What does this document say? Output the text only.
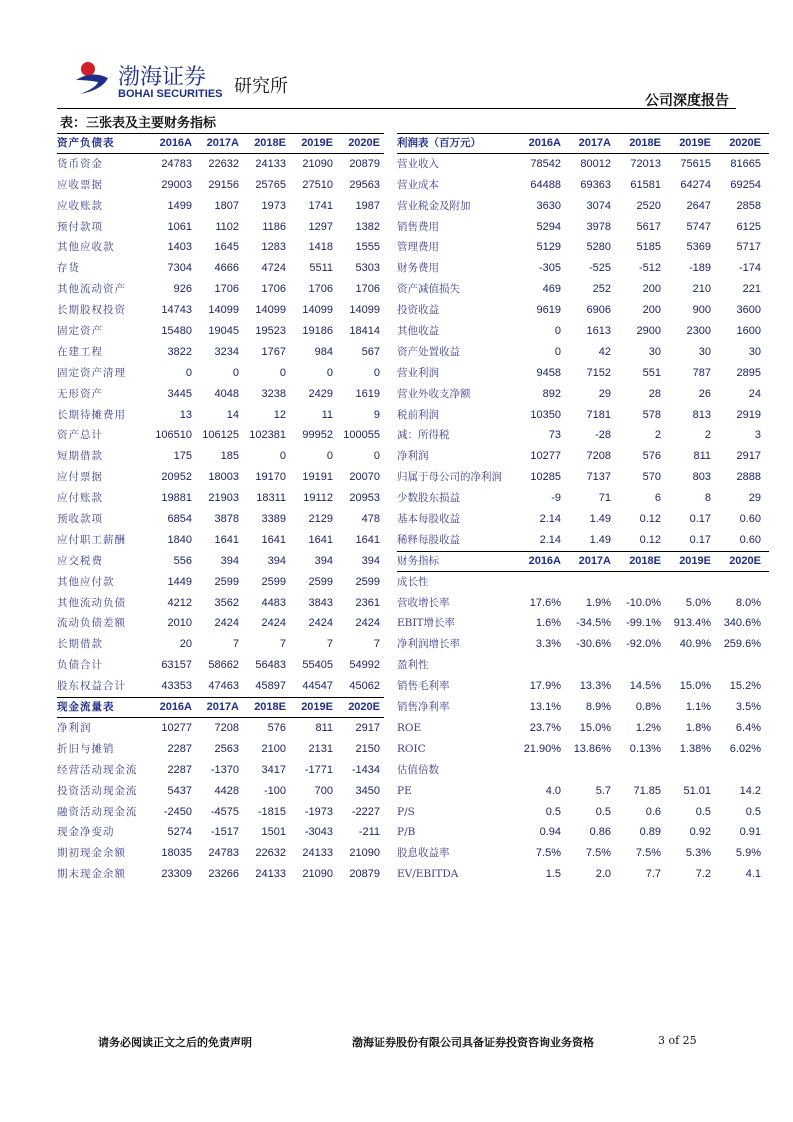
渤海证券
BOHAI SECURITIES 研究所
公司深度报告
表：三张表及主要财务指标
资产负债表	2016A	2017A	2018E	2019E	2020E
货币资金	24783	22632	24133	21090	20879
应收票据	29003	29156	25765	27510	29563
应收账款	1499	1807	1973	1741	1987
预付款项	1061	1102	1186	1297	1382
其他应收款	1403	1645	1283	1418	1555
存货	7304	4666	4724	5511	5303
其他流动资产	926	1706	1706	1706	1706
长期股权投资	14743	14099	14099	14099	14099
固定资产	15480	19045	19523	19186	18414
在建工程	3822	3234	1767	984	567
固定资产清理	0	0	0	0	0
无形资产	3445	4048	3238	2429	1619
长期待摊费用	13	14	12	11	9
资产总计	106510 106125 102381	99952 100055
短期借款	175	185	0	0	0
应付票据	20952	18003	19170	19191	20070
应付账款	19881	21903	18311	19112	20953
预收款项	6854	3878	3389	2129	478
应付职工薪酬	1840	1641	1641	1641	1641
应交税费	556	394	394	394	394
其他应付款	1449	2599	2599	2599	2599
其他流动负债	4212	3562	4483	3843	2361
流动负债差额	2010	2424	2424	2424	2424
长期借款	20	7	7	7	7
负债合计	63157	58662	56483	55405	54992
股东权益合计	43353	47463	45897	44547	45062
现金流量表	2016A	2017A	2018E	2019E	2020E
净利润	10277	7208	576	811	2917
折旧与摊销	2287	2563	2100	2131	2150
经营活动现金流	2287	-1370	3417	-1771	-1434
投资活动现金流	5437	4428	-100	700	3450
融资活动现金流	-2450	-4575	-1815	-1973	-2227
现金净变动	5274	-1517	1501	-3043	-211
期初现金余额	18035	24783	22632	24133	21090
期末现金余额	23309	23266	24133	21090	20879
利润表（百万元）	2016A	2017A	2018E	2019E	2020E
营业收入	78542	80012	72013	75615	81665
营业成本	64488	69363	61581	64274	69254
营业税金及附加	3630	3074	2520	2647	2858
销售费用	5294	3978	5617	5747	6125
管理费用	5129	5280	5185	5369	5717
财务费用	-305	-525	-512	-189	-174
资产减值损失	469	252	200	210	221
投资收益	9619	6906	200	900	3600
其他收益	0	1613	2900	2300	1600
资产处置收益	0	42	30	30	30
营业利润	9458	7152	551	787	2895
营业外收支净额	892	29	28	26	24
税前利润	10350	7181	578	813	2919
减：所得税	73	-28	2	2	3
净利润	10277	7208	576	811	2917
归属于母公司的净利润	10285	7137	570	803	2888
少数股东损益	-9	71	6	8	29
基本每股收益	2.14	1.49	0.12	0.17	0.60
稀释每股收益	2.14	1.49	0.12	0.17	0.60
财务指标	2016A	2017A	2018E	2019E	2020E
成长性
营收增长率	17.6%	1.9%	-10.0%	5.0%	8.0%
EBIT增长率	1.6%	-34.5%	-99.1%	913.4%	340.6%
净利润增长率	3.3%	-30.6%	-92.0%	40.9%	259.6%
盈利性
销售毛利率	17.9%	13.3%	14.5%	15.0%	15.2%
销售净利率	13.1%	8.9%	0.8%	1.1%	3.5%
ROE	23.7%	15.0%	1.2%	1.8%	6.4%
ROIC	21.90%	13.86%	0.13%	1.38%	6.02%
估值倍数
PE	4.0	5.7	71.85	51.01	14.2
P/S	0.5	0.5	0.6	0.5	0.5
P/B	0.94	0.86	0.89	0.92	0.91
股息收益率	7.5%	7.5%	7.5%	5.3%	5.9%
EV/EBITDA	1.5	2.0	7.7	7.2	4.1
请务必阅读正文之后的免责声明	渤海证券股份有限公司具备证券投资咨询业务资格	3 of 25
